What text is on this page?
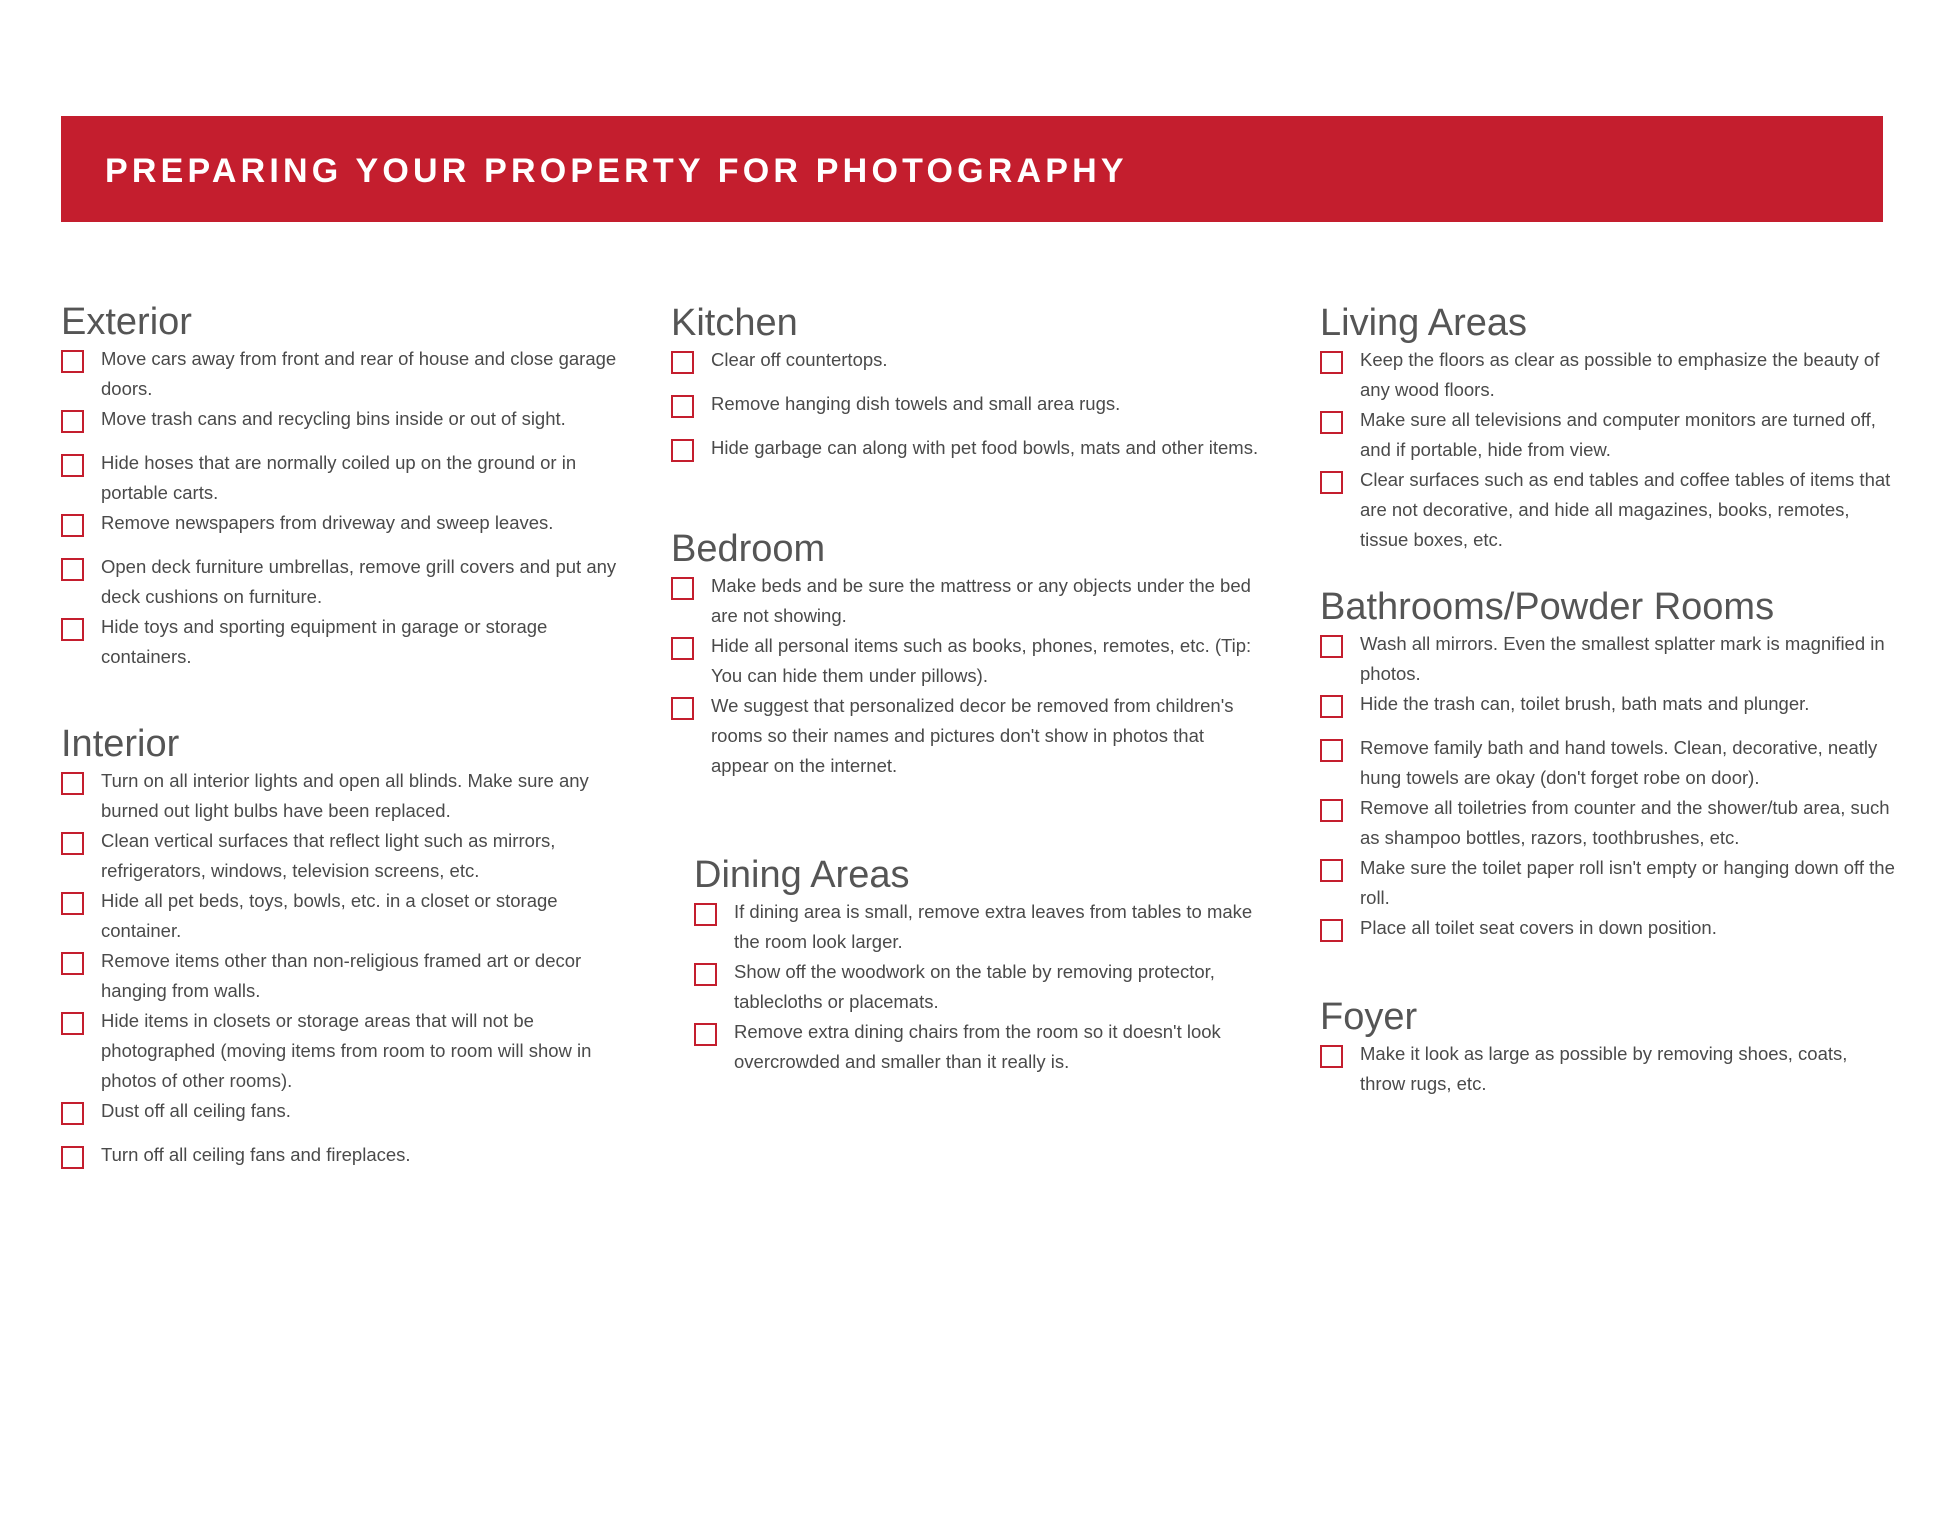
PREPARING YOUR PROPERTY FOR PHOTOGRAPHY
Exterior
Move cars away from front and rear of house and close garage doors.
Move trash cans and recycling bins inside or out of sight.
Hide hoses that are normally coiled up on the ground or in portable carts.
Remove newspapers from driveway and sweep leaves.
Open deck furniture umbrellas, remove grill covers and put any deck cushions on furniture.
Hide toys and sporting equipment in garage or storage containers.
Interior
Turn on all interior lights and open all blinds. Make sure any burned out light bulbs have been replaced.
Clean vertical surfaces that reflect light such as mirrors, refrigerators, windows, television screens, etc.
Hide all pet beds, toys, bowls, etc. in a closet or storage container.
Remove items other than non-religious framed art or decor hanging from walls.
Hide items in closets or storage areas that will not be photographed (moving items from room to room will show in photos of other rooms).
Dust off all ceiling fans.
Turn off all ceiling fans and fireplaces.
Kitchen
Clear off countertops.
Remove hanging dish towels and small area rugs.
Hide garbage can along with pet food bowls, mats and other items.
Bedroom
Make beds and be sure the mattress or any objects under the bed are not showing.
Hide all personal items such as books, phones, remotes, etc. (Tip: You can hide them under pillows).
We suggest that personalized decor be removed from children's rooms so their names and pictures don't show in photos that appear on the internet.
Dining Areas
If dining area is small, remove extra leaves from tables to make the room look larger.
Show off the woodwork on the table by removing protector, tablecloths or placemats.
Remove extra dining chairs from the room so it doesn't look overcrowded and smaller than it really is.
Living Areas
Keep the floors as clear as possible to emphasize the beauty of any wood floors.
Make sure all televisions and computer monitors are turned off, and if portable, hide from view.
Clear surfaces such as end tables and coffee tables of items that are not decorative, and hide all magazines, books, remotes, tissue boxes, etc.
Bathrooms/Powder Rooms
Wash all mirrors. Even the smallest splatter mark is magnified in photos.
Hide the trash can, toilet brush, bath mats and plunger.
Remove family bath and hand towels. Clean, decorative, neatly hung towels are okay (don't forget robe on door).
Remove all toiletries from counter and the shower/tub area, such as shampoo bottles, razors, toothbrushes, etc.
Make sure the toilet paper roll isn't empty or hanging down off the roll.
Place all toilet seat covers in down position.
Foyer
Make it look as large as possible by removing shoes, coats, throw rugs, etc.
